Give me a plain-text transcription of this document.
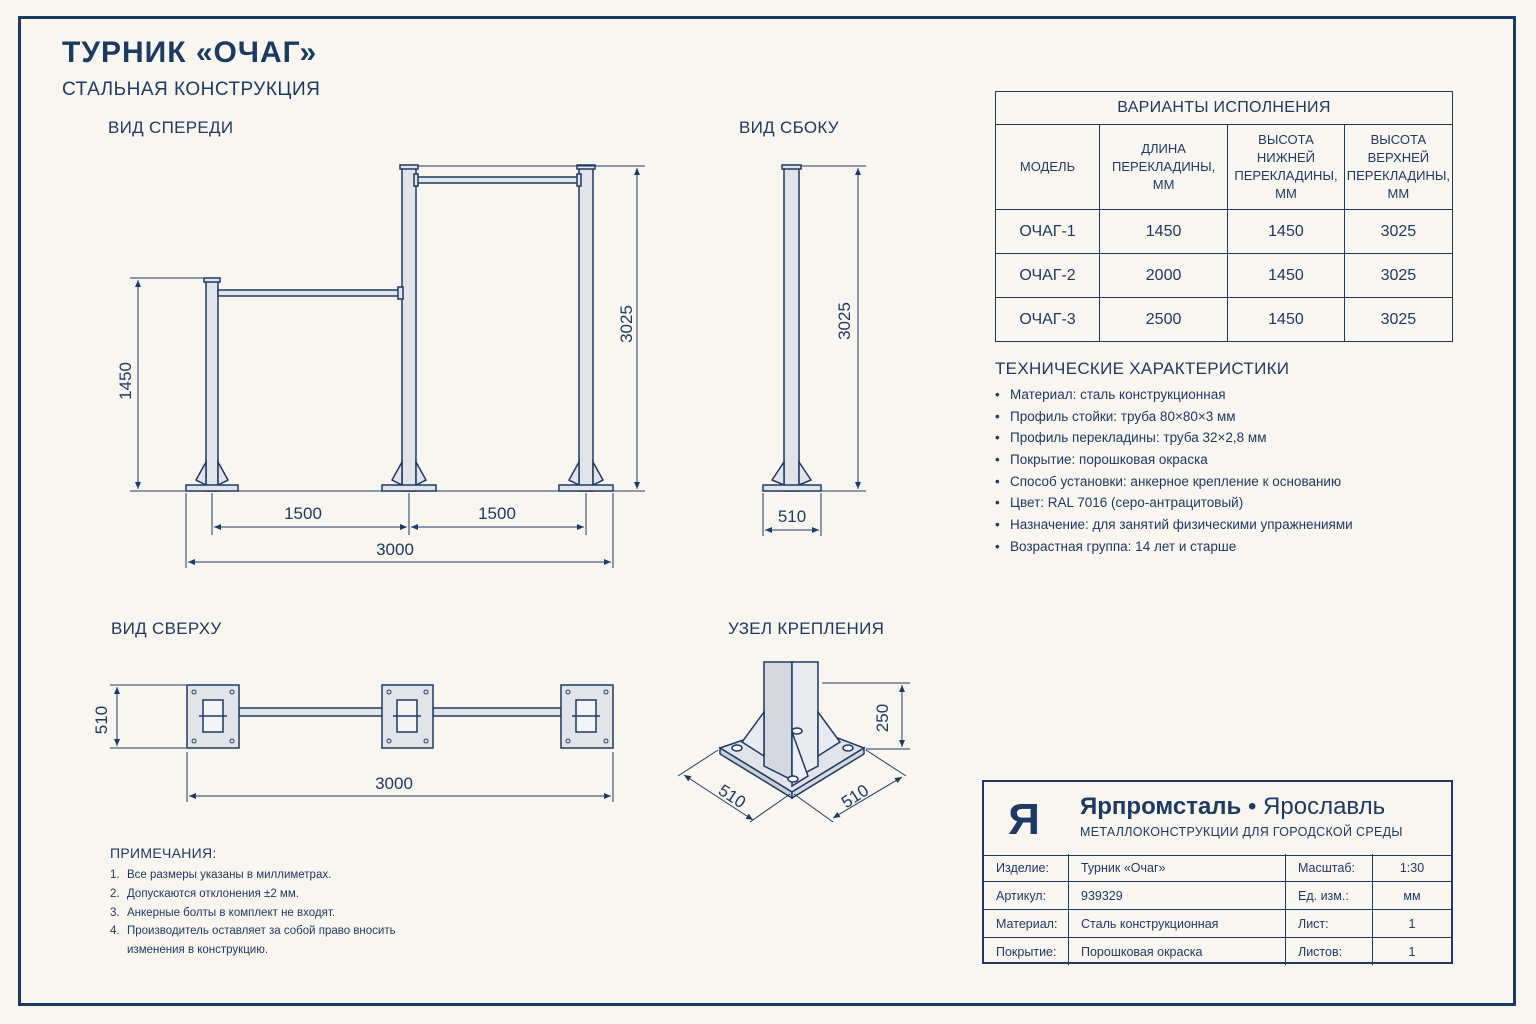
ТУРНИК «ОЧАГ»
СТАЛЬНАЯ КОНСТРУКЦИЯ
ВИД СПЕРЕДИ	ВИД СБОКУ
ВИД СВЕРХУ	УЗЕЛ КРЕПЛЕНИЯ
1450
3025
1500	1500
3000
3025
510
510
3000
250
510	510
ВАРИАНТЫ ИСПОЛНЕНИЯ			
МОДЕЛЬ	ДЛИНА ПЕРЕКЛАДИНЫ, ММ	ВЫСОТА НИЖНЕЙ ПЕРЕКЛАДИНЫ, ММ	ВЫСОТА ВЕРХНЕЙ ПЕРЕКЛАДИНЫ, ММ
ОЧАГ-1	1450	1450	3025
ОЧАГ-2	2000	1450	3025
ОЧАГ-3	2500	1450	3025
ТЕХНИЧЕСКИЕ ХАРАКТЕРИСТИКИ
• Материал: сталь конструкционная
• Профиль стойки: труба 80×80×3 мм
• Профиль перекладины: труба 32×2,8 мм
• Покрытие: порошковая окраска
• Способ установки: анкерное крепление к основанию
• Цвет: RAL 7016 (серо-антрацитовый)
• Назначение: для занятий физическими упражнениями
• Возрастная группа: 14 лет и старше
ПРИМЕЧАНИЯ:
1. Все размеры указаны в миллиметрах.
2. Допускаются отклонения ±2 мм.
3. Анкерные болты в комплект не входят.
4. Производитель оставляет за собой право вносить изменения в конструкцию.
Я Ярпромсталь • Ярославль
МЕТАЛЛОКОНСТРУКЦИИ ДЛЯ ГОРОДСКОЙ СРЕДЫ
Изделие:	Турник «Очаг»	Масштаб:	1:30
Артикул:	939329	Ед. изм.:	мм
Материал:	Сталь конструкционная	Лист:	1
Покрытие:	Порошковая окраска	Листов:	1
